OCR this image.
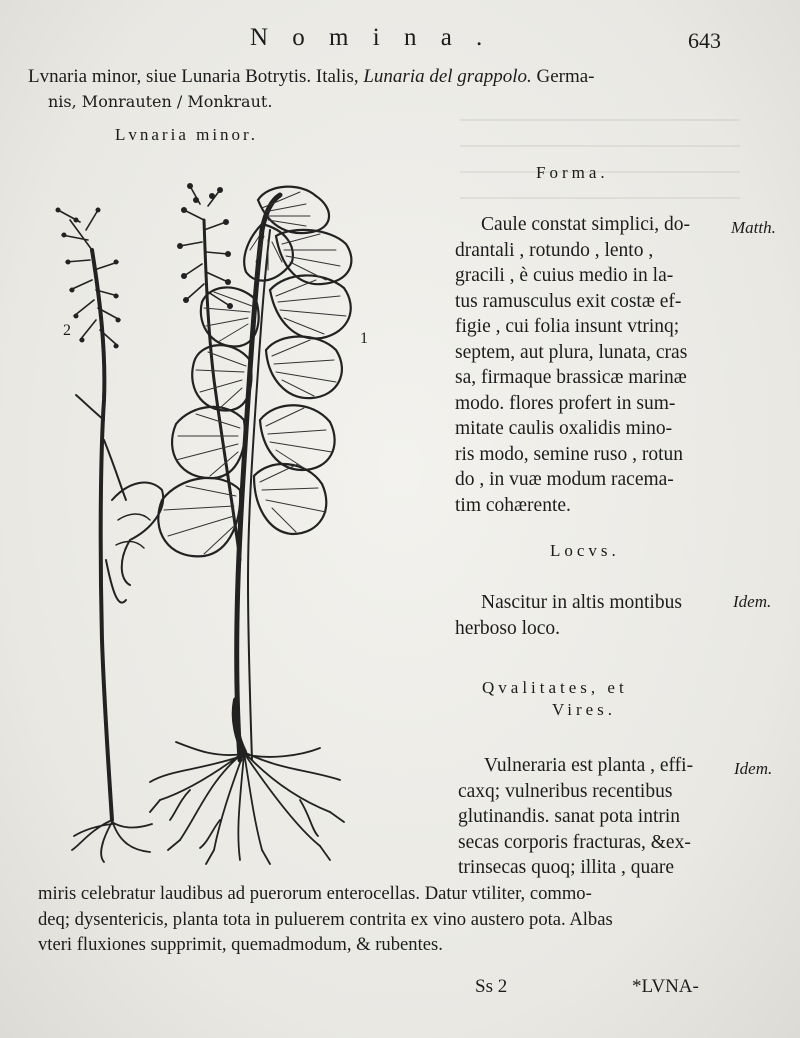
N o m i n a .	643
Lvnaria minor, siue Lunaria Botrytis. Italis, Lunaria del grappolo. Germa-
nis, Monrauten / Monkraut.
Lvnaria minor.
2	1
Forma.
Matth.
Caule constat simplici, do-
drantali , rotundo , lento ,
gracili , è cuius medio in la-
tus ramusculus exit costæ ef-
figie , cui folia insunt vtrinq;
septem, aut plura, lunata, cras
sa, firmaque brassicæ marinæ
modo. flores profert in sum-
mitate caulis oxalidis mino-
ris modo, semine ruso , rotun
do , in vuæ modum racema-
tim cohærente.
Locvs.
Idem.
Nascitur in altis montibus
herboso loco.
Qvalitates, et
Vires.
Idem.
Vulneraria est planta , effi-
caxq; vulneribus recentibus
glutinandis. sanat pota intrin
secas corporis fracturas, &ex-
trinsecas quoq; illita , quare
miris celebratur laudibus ad puerorum enterocellas. Datur vtiliter, commo-
deq; dysentericis, planta tota in puluerem contrita ex vino austero pota. Albas
vteri fluxiones supprimit, quemadmodum, & rubentes.
Ss 2	*LVNA-
